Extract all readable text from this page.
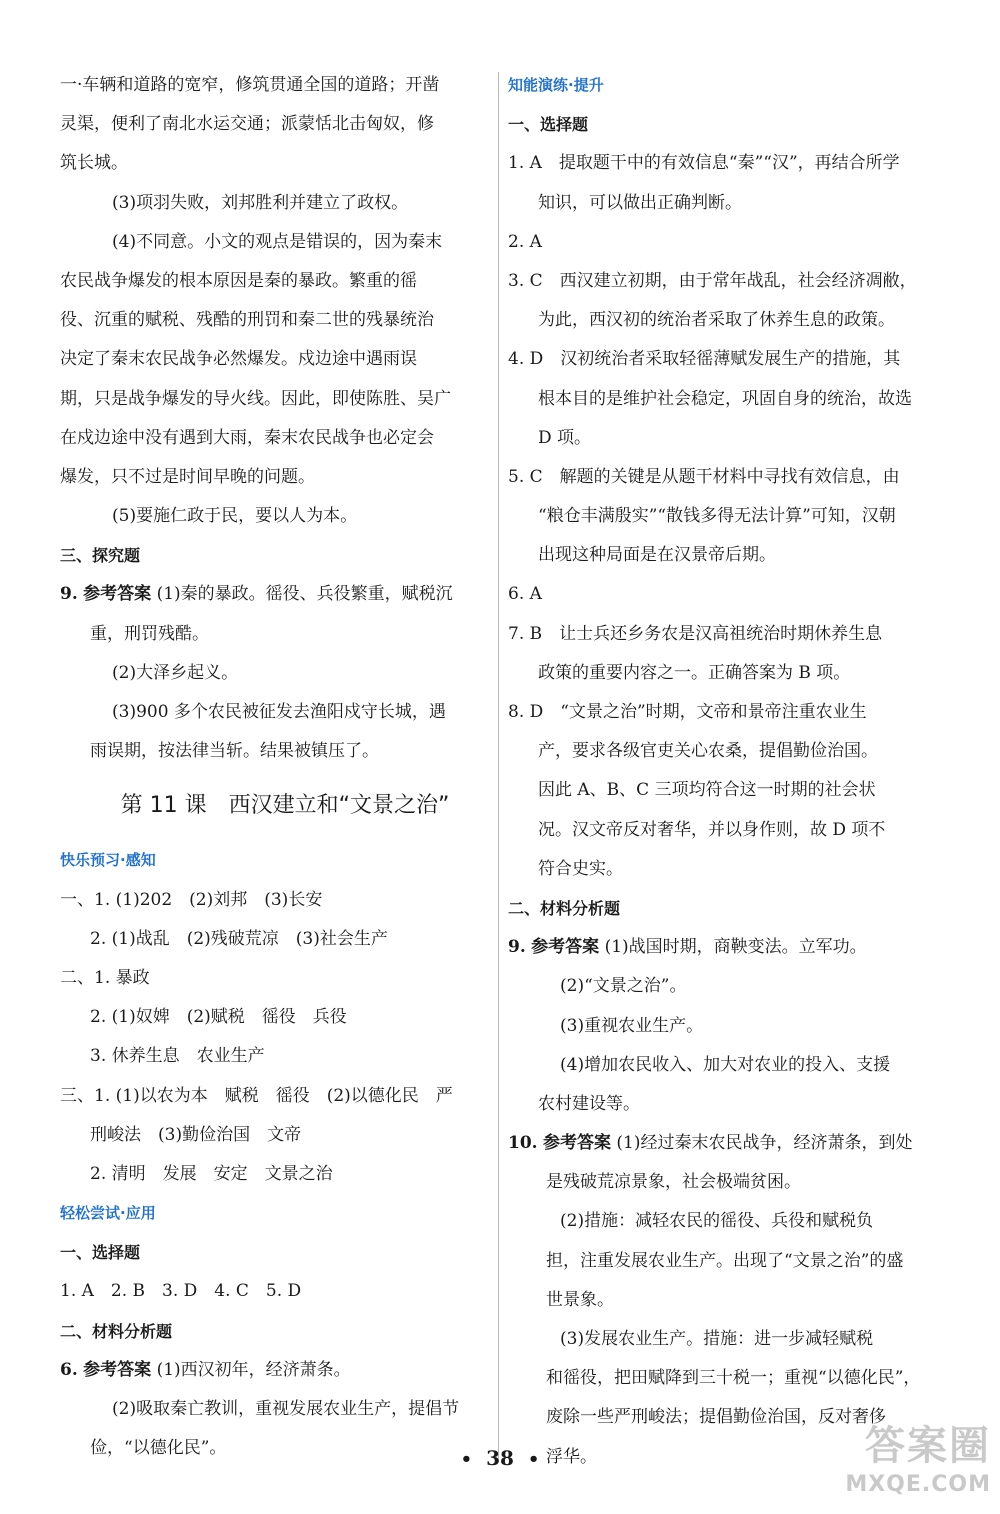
一·车辆和道路的宽窄，修筑贯通全国的道路；开凿
灵渠，便利了南北水运交通；派蒙恬北击匈奴，修
筑长城。
(3)项羽失败，刘邦胜利并建立了政权。
(4)不同意。小文的观点是错误的，因为秦末
农民战争爆发的根本原因是秦的暴政。繁重的徭
役、沉重的赋税、残酷的刑罚和秦二世的残暴统治
决定了秦末农民战争必然爆发。戍边途中遇雨误
期，只是战争爆发的导火线。因此，即使陈胜、吴广
在戍边途中没有遇到大雨，秦末农民战争也必定会
爆发，只不过是时间早晚的问题。
(5)要施仁政于民，要以人为本。
三、探究题
9. 参考答案 (1)秦的暴政。徭役、兵役繁重，赋税沉
重，刑罚残酷。
(2)大泽乡起义。
(3)900 多个农民被征发去渔阳戍守长城，遇
雨误期，按法律当斩。结果被镇压了。
第 11 课　西汉建立和“文景之治”
快乐预习·感知
一、1. (1)202　(2)刘邦　(3)长安
2. (1)战乱　(2)残破荒凉　(3)社会生产
二、1. 暴政
2. (1)奴婢　(2)赋税　徭役　兵役
3. 休养生息　农业生产
三、1. (1)以农为本　赋税　徭役　(2)以德化民　严
刑峻法　(3)勤俭治国　文帝
2. 清明　发展　安定　文景之治
轻松尝试·应用
一、选择题
1. A　2. B　3. D　4. C　5. D
二、材料分析题
6. 参考答案 (1)西汉初年，经济萧条。
(2)吸取秦亡教训，重视发展农业生产，提倡节
俭，“以德化民”。
知能演练·提升
一、选择题
1. A　提取题干中的有效信息“秦”“汉”，再结合所学
知识，可以做出正确判断。
2. A
3. C　西汉建立初期，由于常年战乱，社会经济凋敝，
为此，西汉初的统治者采取了休养生息的政策。
4. D　汉初统治者采取轻徭薄赋发展生产的措施，其
根本目的是维护社会稳定，巩固自身的统治，故选
D 项。
5. C　解题的关键是从题干材料中寻找有效信息，由
“粮仓丰满殷实”“散钱多得无法计算”可知，汉朝
出现这种局面是在汉景帝后期。
6. A
7. B　让士兵还乡务农是汉高祖统治时期休养生息
政策的重要内容之一。正确答案为 B 项。
8. D　“文景之治”时期，文帝和景帝注重农业生
产，要求各级官吏关心农桑，提倡勤俭治国。
因此 A、B、C 三项均符合这一时期的社会状
况。汉文帝反对奢华，并以身作则，故 D 项不
符合史实。
二、材料分析题
9. 参考答案 (1)战国时期，商鞅变法。立军功。
(2)“文景之治”。
(3)重视农业生产。
(4)增加农民收入、加大对农业的投入、支援
农村建设等。
10. 参考答案 (1)经过秦末农民战争，经济萧条，到处
是残破荒凉景象，社会极端贫困。
(2)措施：减轻农民的徭役、兵役和赋税负
担，注重发展农业生产。出现了“文景之治”的盛
世景象。
(3)发展农业生产。措施：进一步减轻赋税
和徭役，把田赋降到三十税一；重视“以德化民”，
废除一些严刑峻法；提倡勤俭治国，反对奢侈
浮华。
• 38 •	答案圈
MXQE.COM
